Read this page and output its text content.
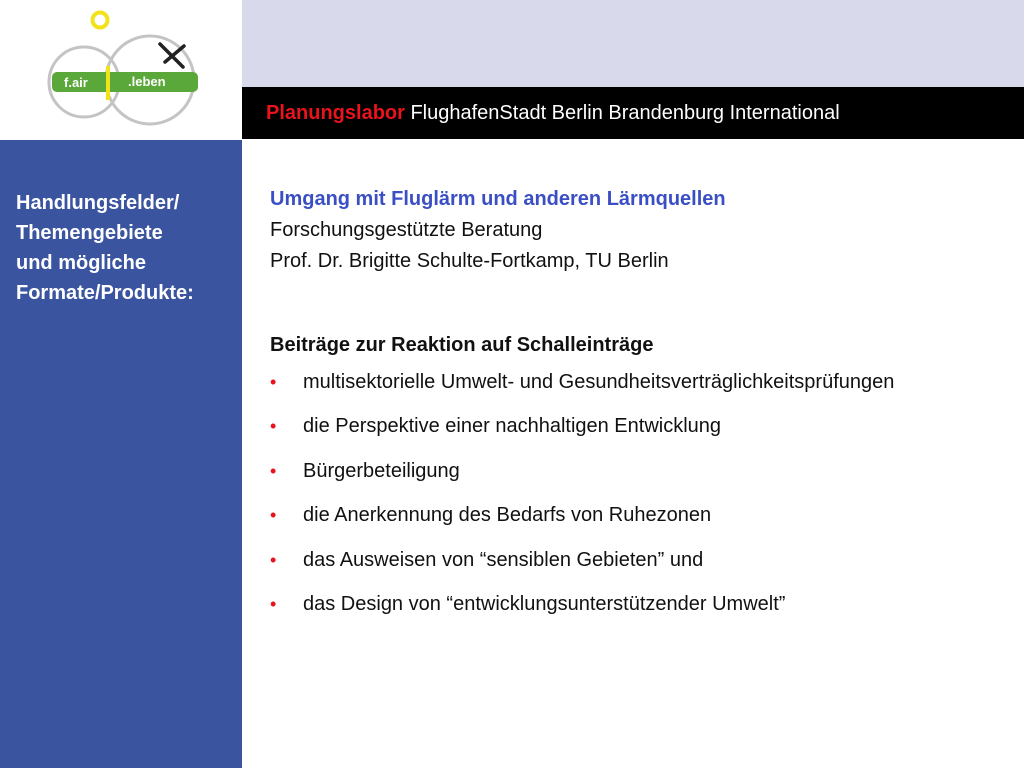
f.air	.leben
Planungslabor FlughafenStadt Berlin Brandenburg International
Handlungsfelder/
Themengebiete
und mögliche
Formate/Produkte:
Umgang mit Fluglärm und anderen Lärmquellen
Forschungsgestützte Beratung
Prof. Dr. Brigitte Schulte-Fortkamp, TU Berlin
Beiträge zur Reaktion auf Schalleinträge
• multisektorielle Umwelt- und Gesundheitsverträglichkeitsprüfungen
• die Perspektive einer nachhaltigen Entwicklung
• Bürgerbeteiligung
• die Anerkennung des Bedarfs von Ruhezonen
• das Ausweisen von “sensiblen Gebieten” und
• das Design von “entwicklungsunterstützender Umwelt”
